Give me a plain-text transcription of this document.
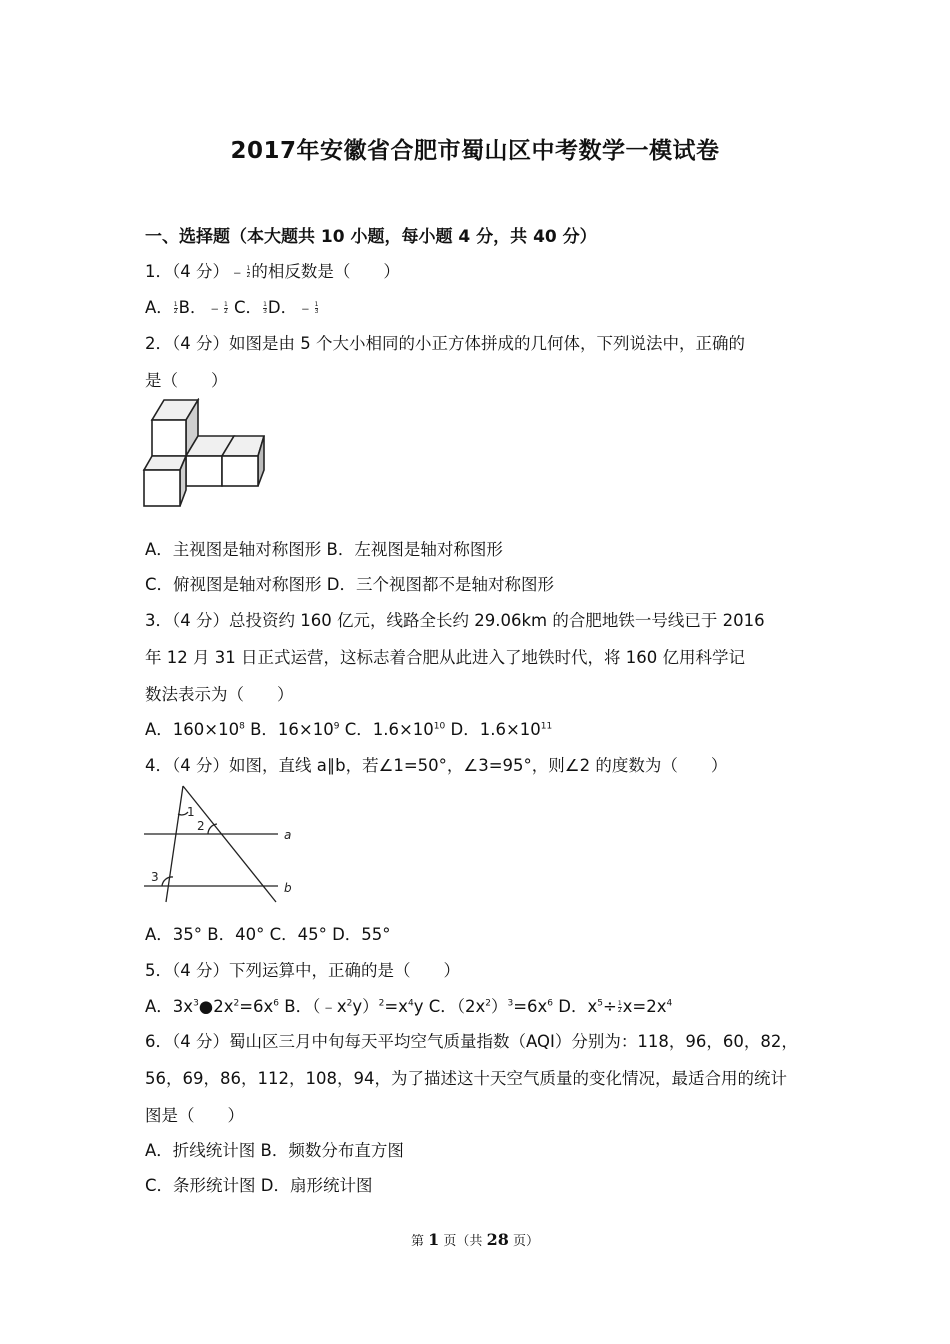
2017年安徽省合肥市蜀山区中考数学一模试卷
一、选择题（本大题共 10 小题，每小题 4 分，共 40 分）
1．（4 分）﹣ $\frac{1}{2}$ 的相反数是（　　）
A． $\frac{1}{2}$ B．﹣ $\frac{1}{2}$ C． $\frac{1}{3}$ D．﹣ $\frac{1}{3}$
2．（4 分）如图是由 5 个大小相同的小正方体拼成的几何体，下列说法中，正确的
是（　　）
A．主视图是轴对称图形 B．左视图是轴对称图形
C．俯视图是轴对称图形 D．三个视图都不是轴对称图形
3．（4 分）总投资约 160 亿元，线路全长约 29.06km 的合肥地铁一号线已于 2016
年 12 月 31 日正式运营，这标志着合肥从此进入了地铁时代，将 160 亿用科学记
数法表示为（　　）
A．$160\times 10^8$ B．$16\times 10^9$ C．$1.6\times 10^{10}$ D．$1.6\times 10^{11}$
4．（4 分）如图，直线 a∥b，若∠1=50°，∠3=95°，则∠2 的度数为（　　）
1
2
3
a
b
A．35° B．40° C．45° D．55°
5．（4 分）下列运算中，正确的是（　　）
A．$3x^3●2x^2=6x^6$ B．$(﹣x^2y)^2=x^4y$ C．$(2x^2)^3=6x^6$ D．$x^5\div \frac{1}{2} x=2x^4$
6．（4 分）蜀山区三月中旬每天平均空气质量指数（AQI）分别为：118，96，60，82，
56，69，86，112，108，94，为了描述这十天空气质量的变化情况，最适合用的统计
图是（　　）
A．折线统计图 B．频数分布直方图
C．条形统计图 D．扇形统计图
第 1 页（共 28 页）
